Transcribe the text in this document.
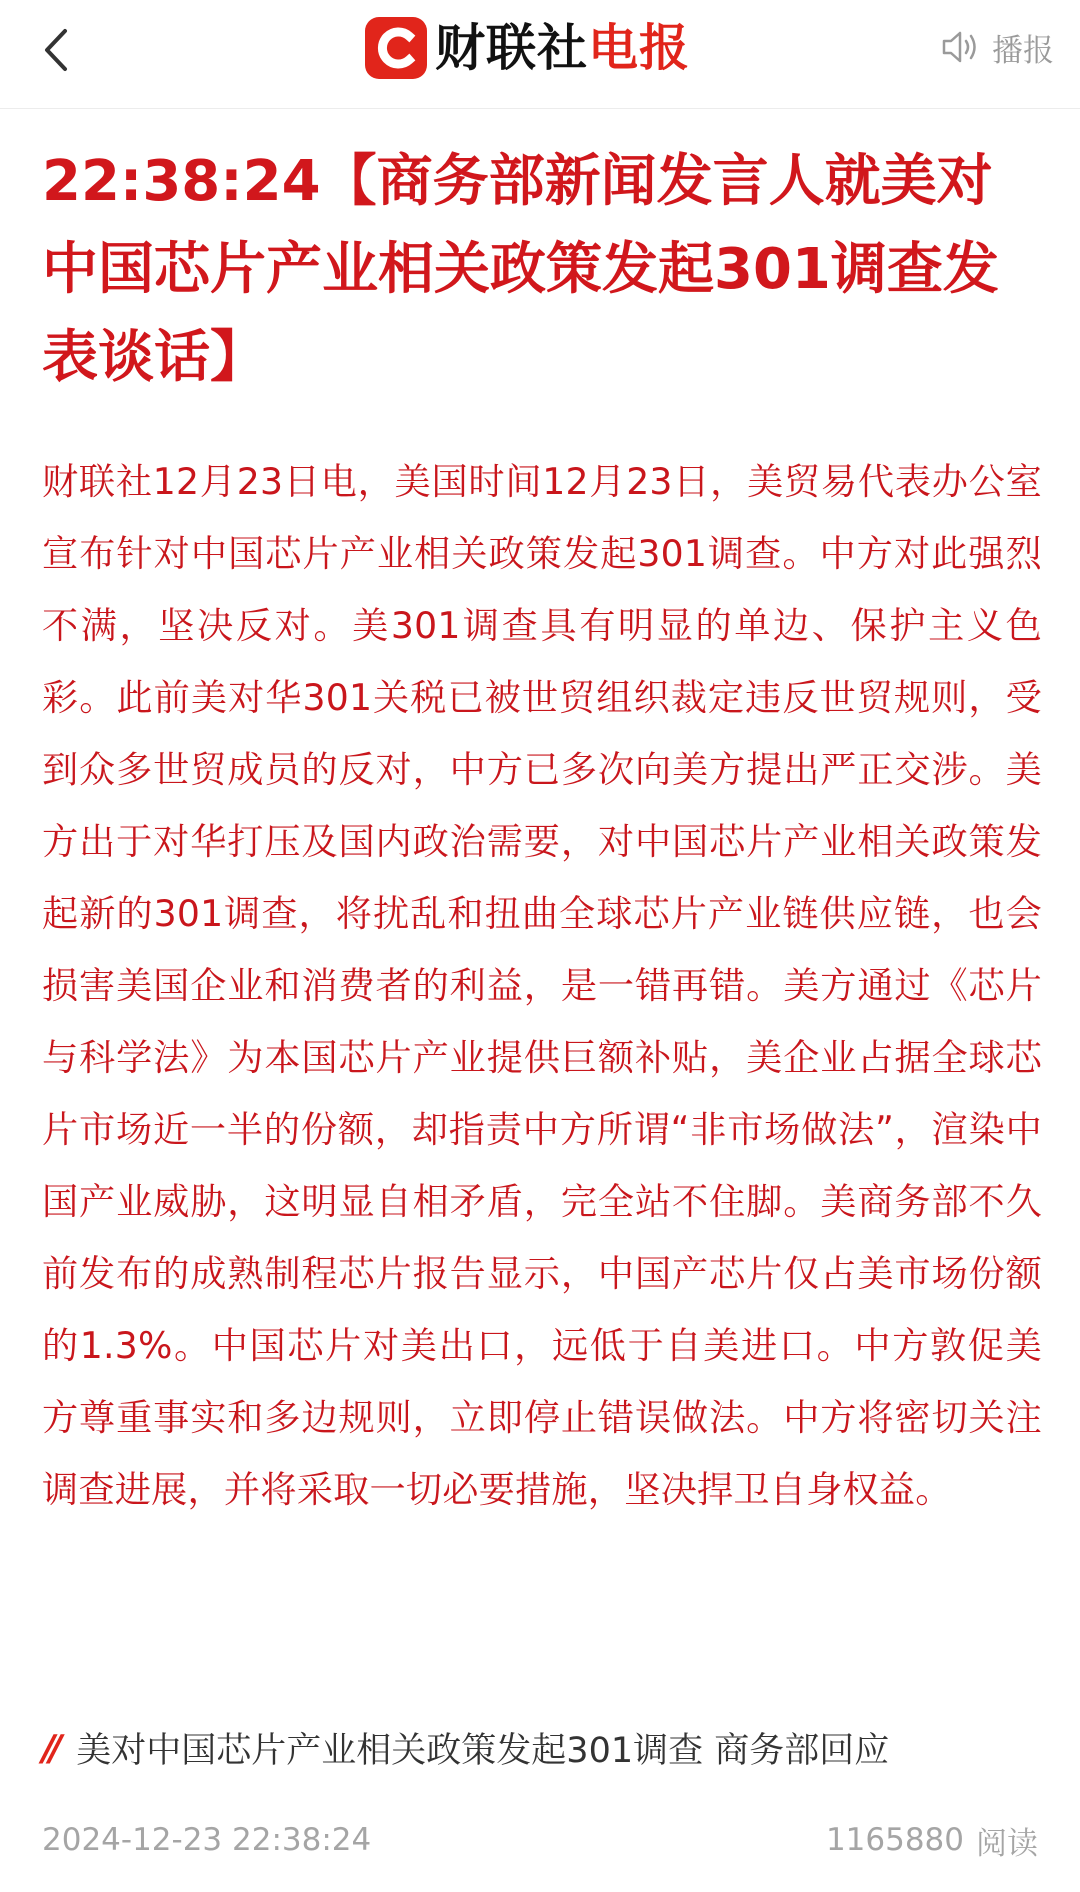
财联社电报	播报
22:38:24【商务部新闻发言人就美对中国芯片产业相关政策发起301调查发表谈话】

财联社12月23日电，美国时间12月23日，美贸易代表办公室宣布针对中国芯片产业相关政策发起301调查。中方对此强烈不满，坚决反对。美301调查具有明显的单边、保护主义色彩。此前美对华301关税已被世贸组织裁定违反世贸规则，受到众多世贸成员的反对，中方已多次向美方提出严正交涉。美方出于对华打压及国内政治需要，对中国芯片产业相关政策发起新的301调查，将扰乱和扭曲全球芯片产业链供应链，也会损害美国企业和消费者的利益，是一错再错。美方通过《芯片与科学法》为本国芯片产业提供巨额补贴，美企业占据全球芯片市场近一半的份额，却指责中方所谓“非市场做法”，渲染中国产业威胁，这明显自相矛盾，完全站不住脚。美商务部不久前发布的成熟制程芯片报告显示，中国产芯片仅占美市场份额的1.3%。中国芯片对美出口，远低于自美进口。中方敦促美方尊重事实和多边规则，立即停止错误做法。中方将密切关注调查进展，并将采取一切必要措施，坚决捍卫自身权益。

// 美对中国芯片产业相关政策发起301调查 商务部回应
2024-12-23 22:38:24	1165880 阅读
